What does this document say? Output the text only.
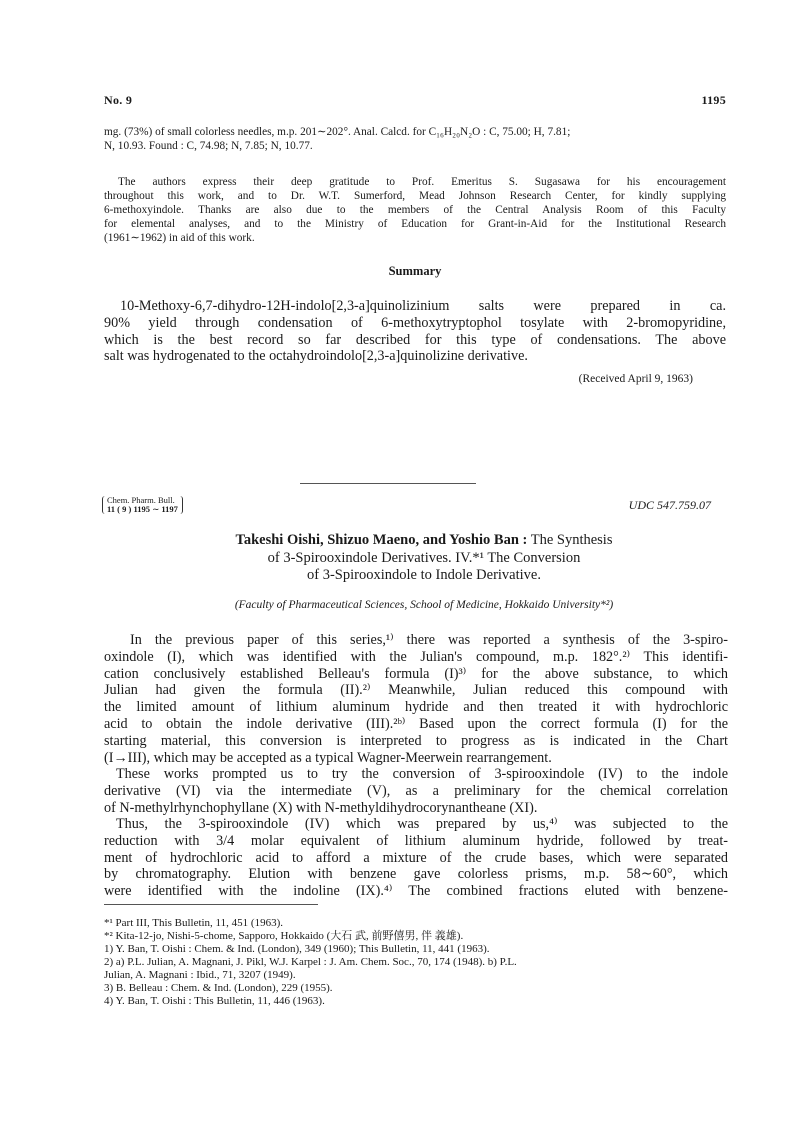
No. 9	1195
mg. (73%) of small colorless needles, m.p. 201∼202°. Anal. Calcd. for C₁₆H₂₀N₂O : C, 75.00; H, 7.81;
N, 10.93. Found : C, 74.98; N, 7.85; N, 10.77.
The authors express their deep gratitude to Prof. Emeritus S. Sugasawa for his encouragement
throughout this work, and to Dr. W.T. Sumerford, Mead Johnson Research Center, for kindly supplying
6-methoxyindole. Thanks are also due to the members of the Central Analysis Room of this Faculty
for elemental analyses, and to the Ministry of Education for Grant-in-Aid for the Institutional Research
(1961∼1962) in aid of this work.
Summary
10-Methoxy-6,7-dihydro-12H-indolo[2,3-a]quinolizinium salts were prepared in ca.
90% yield through condensation of 6-methoxytryptophol tosylate with 2-bromopyridine,
which is the best record so far described for this type of condensations. The above
salt was hydrogenated to the octahydroindolo[2,3-a]quinolizine derivative.
(Received April 9, 1963)
Chem. Pharm. Bull.
11 ( 9 ) 1195 ∼ 1197	UDC 547.759.07
Takeshi Oishi, Shizuo Maeno, and Yoshio Ban : The Synthesis
of 3-Spirooxindole Derivatives. IV.*¹ The Conversion
of 3-Spirooxindole to Indole Derivative.
(Faculty of Pharmaceutical Sciences, School of Medicine, Hokkaido University*²)
In the previous paper of this series,¹⁾ there was reported a synthesis of the 3-spiro-
oxindole (I), which was identified with the Julian's compound, m.p. 182°.²⁾ This identifi-
cation conclusively established Belleau's formula (I)³⁾ for the above substance, to which
Julian had given the formula (II).²⁾ Meanwhile, Julian reduced this compound with
the limited amount of lithium aluminum hydride and then treated it with hydrochloric
acid to obtain the indole derivative (III).²ᵇ⁾ Based upon the correct formula (I) for the
starting material, this conversion is interpreted to progress as is indicated in the Chart
(I→III), which may be accepted as a typical Wagner-Meerwein rearrangement.
These works prompted us to try the conversion of 3-spirooxindole (IV) to the indole
derivative (VI) via the intermediate (V), as a preliminary for the chemical correlation
of N-methylrhynchophyllane (X) with N-methyldihydrocorynantheane (XI).
Thus, the 3-spirooxindole (IV) which was prepared by us,⁴⁾ was subjected to the
reduction with 3/4 molar equivalent of lithium aluminum hydride, followed by treat-
ment of hydrochloric acid to afford a mixture of the crude bases, which were separated
by chromatography. Elution with benzene gave colorless prisms, m.p. 58∼60°, which
were identified with the indoline (IX).⁴⁾ The combined fractions eluted with benzene-
*¹ Part III, This Bulletin, 11, 451 (1963).
*² Kita-12-jo, Nishi-5-chome, Sapporo, Hokkaido (大石 武, 前野僖男, 伴 義雄).
1) Y. Ban, T. Oishi : Chem. & Ind. (London), 349 (1960); This Bulletin, 11, 441 (1963).
2) a) P.L. Julian, A. Magnani, J. Pikl, W.J. Karpel : J. Am. Chem. Soc., 70, 174 (1948). b) P.L.
Julian, A. Magnani : Ibid., 71, 3207 (1949).
3) B. Belleau : Chem. & Ind. (London), 229 (1955).
4) Y. Ban, T. Oishi : This Bulletin, 11, 446 (1963).
